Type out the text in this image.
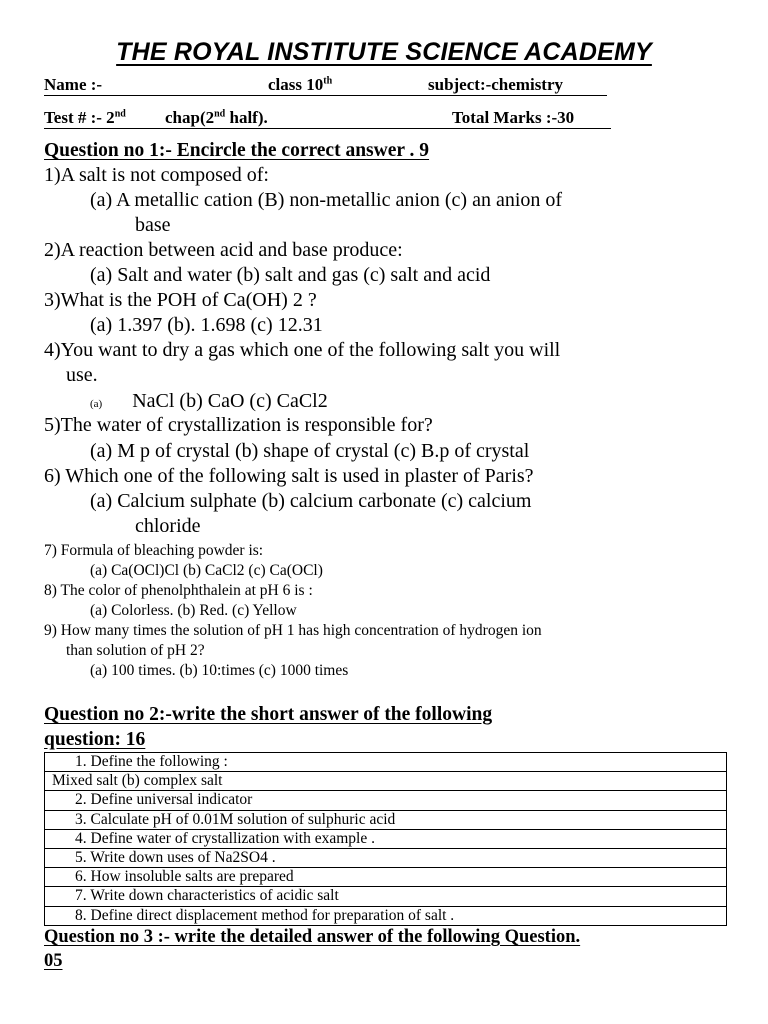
THE ROYAL INSTITUTE SCIENCE ACADEMY
Name :-	class 10th	subject:-chemistry
Test # :- 2nd chap(2nd half).	Total Marks :-30
Question no 1:- Encircle the correct answer . 9
1)A salt is not composed of:
(a) A metallic cation (B) non-metallic anion (c) an anion of
base
2)A reaction between acid and base produce:
(a) Salt and water (b) salt and gas (c) salt and acid
3)What is the POH of Ca(OH) 2 ?
(a) 1.397 (b). 1.698 (c) 12.31
4)You want to dry a gas which one of the following salt you will
use.
(a) NaCl (b) CaO (c) CaCl2
5)The water of crystallization is responsible for?
(a) M p of crystal (b) shape of crystal (c) B.p of crystal
6) Which one of the following salt is used in plaster of Paris?
(a) Calcium sulphate (b) calcium carbonate (c) calcium
chloride
7) Formula of bleaching powder is:
(a) Ca(OCl)Cl (b) CaCl2 (c) Ca(OCl)
8) The color of phenolphthalein at pH 6 is :
(a) Colorless. (b) Red. (c) Yellow
9) How many times the solution of pH 1 has high concentration of hydrogen ion
than solution of pH 2?
(a) 100 times. (b) 10:times (c) 1000 times
Question no 2:-write the short answer of the following
question: 16
1. Define the following :
Mixed salt (b) complex salt
2. Define universal indicator
3. Calculate pH of 0.01M solution of sulphuric acid
4. Define water of crystallization with example .
5. Write down uses of Na2SO4 .
6. How insoluble salts are prepared
7. Write down characteristics of acidic salt
8. Define direct displacement method for preparation of salt .
Question no 3 :- write the detailed answer of the following Question.
05
